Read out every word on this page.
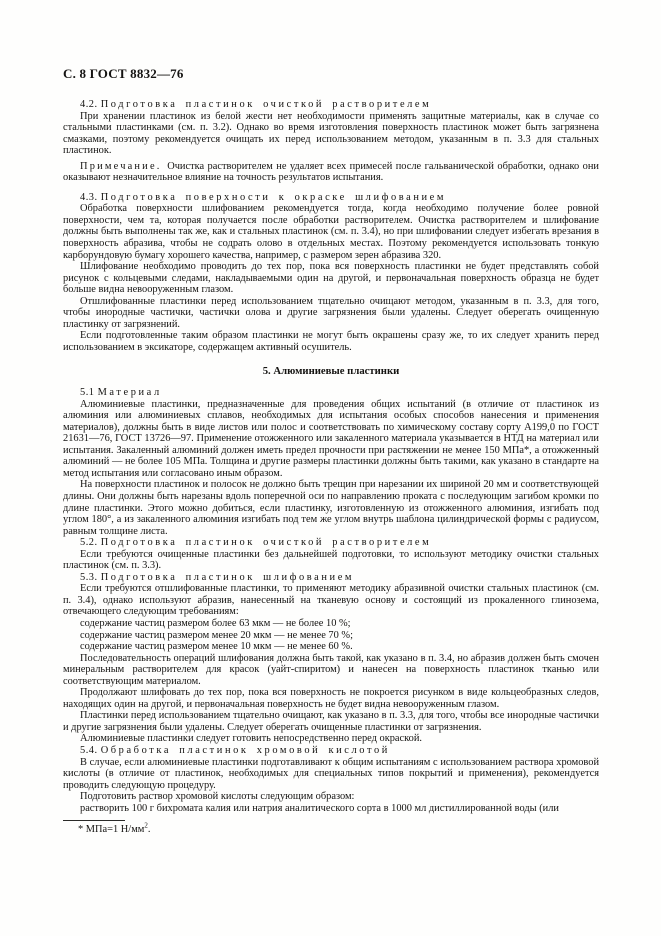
С. 8 ГОСТ 8832—76
4.2. Подготовка пластинок очисткой растворителем
При хранении пластинок из белой жести нет необходимости применять защитные материалы, как в случае со стальными пластинками (см. п. 3.2). Однако во время изготовления поверхность пластинок может быть загрязнена смазками, поэтому рекомендуется очищать их перед использованием методом, указанным в п. 3.3 для стальных пластинок.
Примечание. Очистка растворителем не удаляет всех примесей после гальванической обработки, однако они оказывают незначительное влияние на точность результатов испытания.
4.3. Подготовка поверхности к окраске шлифованием
Обработка поверхности шлифованием рекомендуется тогда, когда необходимо получение более ровной поверхности, чем та, которая получается после обработки растворителем. Очистка растворителем и шлифование должны быть выполнены так же, как и стальных пластинок (см. п. 3.4), но при шлифовании следует избегать врезания в поверхность абразива, чтобы не содрать олово в отдельных местах. Поэтому рекомендуется использовать тонкую карборундовую бумагу хорошего качества, например, с размером зерен абразива 320.
Шлифование необходимо проводить до тех пор, пока вся поверхность пластинки не будет представлять собой рисунок с кольцевыми следами, накладываемыми один на другой, и первоначальная поверхность образца не будет больше видна невооруженным глазом.
Отшлифованные пластинки перед использованием тщательно очищают методом, указанным в п. 3.3, для того, чтобы инородные частички, частички олова и другие загрязнения были удалены. Следует оберегать очищенную пластинку от загрязнений.
Если подготовленные таким образом пластинки не могут быть окрашены сразу же, то их следует хранить перед использованием в эксикаторе, содержащем активный осушитель.
5. Алюминиевые пластинки
5.1 Материал
Алюминиевые пластинки, предназначенные для проведения общих испытаний (в отличие от пластинок из алюминия или алюминиевых сплавов, необходимых для испытания особых способов нанесения и применения материалов), должны быть в виде листов или полос и соответствовать по химическому составу сорту А199,0 по ГОСТ 21631—76, ГОСТ 13726—97. Применение отожженного или закаленного материала указывается в НТД на материал или испытания. Закаленный алюминий должен иметь предел прочности при растяжении не менее 150 МПа*, а отожженный алюминий — не более 105 МПа. Толщина и другие размеры пластинки должны быть такими, как указано в стандарте на метод испытания или согласовано иным образом.
На поверхности пластинок и полосок не должно быть трещин при нарезании их шириной 20 мм и соответствующей длины. Они должны быть нарезаны вдоль поперечной оси по направлению проката с последующим загибом кромки по длине пластинки. Этого можно добиться, если пластинку, изготовленную из отожженного алюминия, изгибать под углом 180°, а из закаленного алюминия изгибать под тем же углом внутрь шаблона цилиндрической формы с радиусом, равным толщине листа.
5.2. Подготовка пластинок очисткой растворителем
Если требуются очищенные пластинки без дальнейшей подготовки, то используют методику очистки стальных пластинок (см. п. 3.3).
5.3. Подготовка пластинок шлифованием
Если требуются отшлифованные пластинки, то применяют методику абразивной очистки стальных пластинок (см. п. 3.4), однако используют абразив, нанесенный на тканевую основу и состоящий из прокаленного глинозема, отвечающего следующим требованиям:
содержание частиц размером более 63 мкм — не более 10 %;
содержание частиц размером менее 20 мкм — не менее 70 %;
содержание частиц размером менее 10 мкм — не менее 60 %.
Последовательность операций шлифования должна быть такой, как указано в п. 3.4, но абразив должен быть смочен минеральным растворителем для красок (уайт-спиритом) и нанесен на поверхность пластинок тканью или соответствующим материалом.
Продолжают шлифовать до тех пор, пока вся поверхность не покроется рисунком в виде кольцеобразных следов, находящих один на другой, и первоначальная поверхность не будет видна невооруженным глазом.
Пластинки перед использованием тщательно очищают, как указано в п. 3.3, для того, чтобы все инородные частички и другие загрязнения были удалены. Следует оберегать очищенные пластинки от загрязнения.
Алюминиевые пластинки следует готовить непосредственно перед окраской.
5.4. Обработка пластинок хромовой кислотой
В случае, если алюминиевые пластинки подготавливают к общим испытаниям с использованием раствора хромовой кислоты (в отличие от пластинок, необходимых для специальных типов покрытий и применения), рекомендуется проводить следующую процедуру.
Подготовить раствор хромовой кислоты следующим образом:
растворить 100 г бихромата калия или натрия аналитического сорта в 1000 мл дистиллированной воды (или
* МПа=1 $Н/мм^2$.
